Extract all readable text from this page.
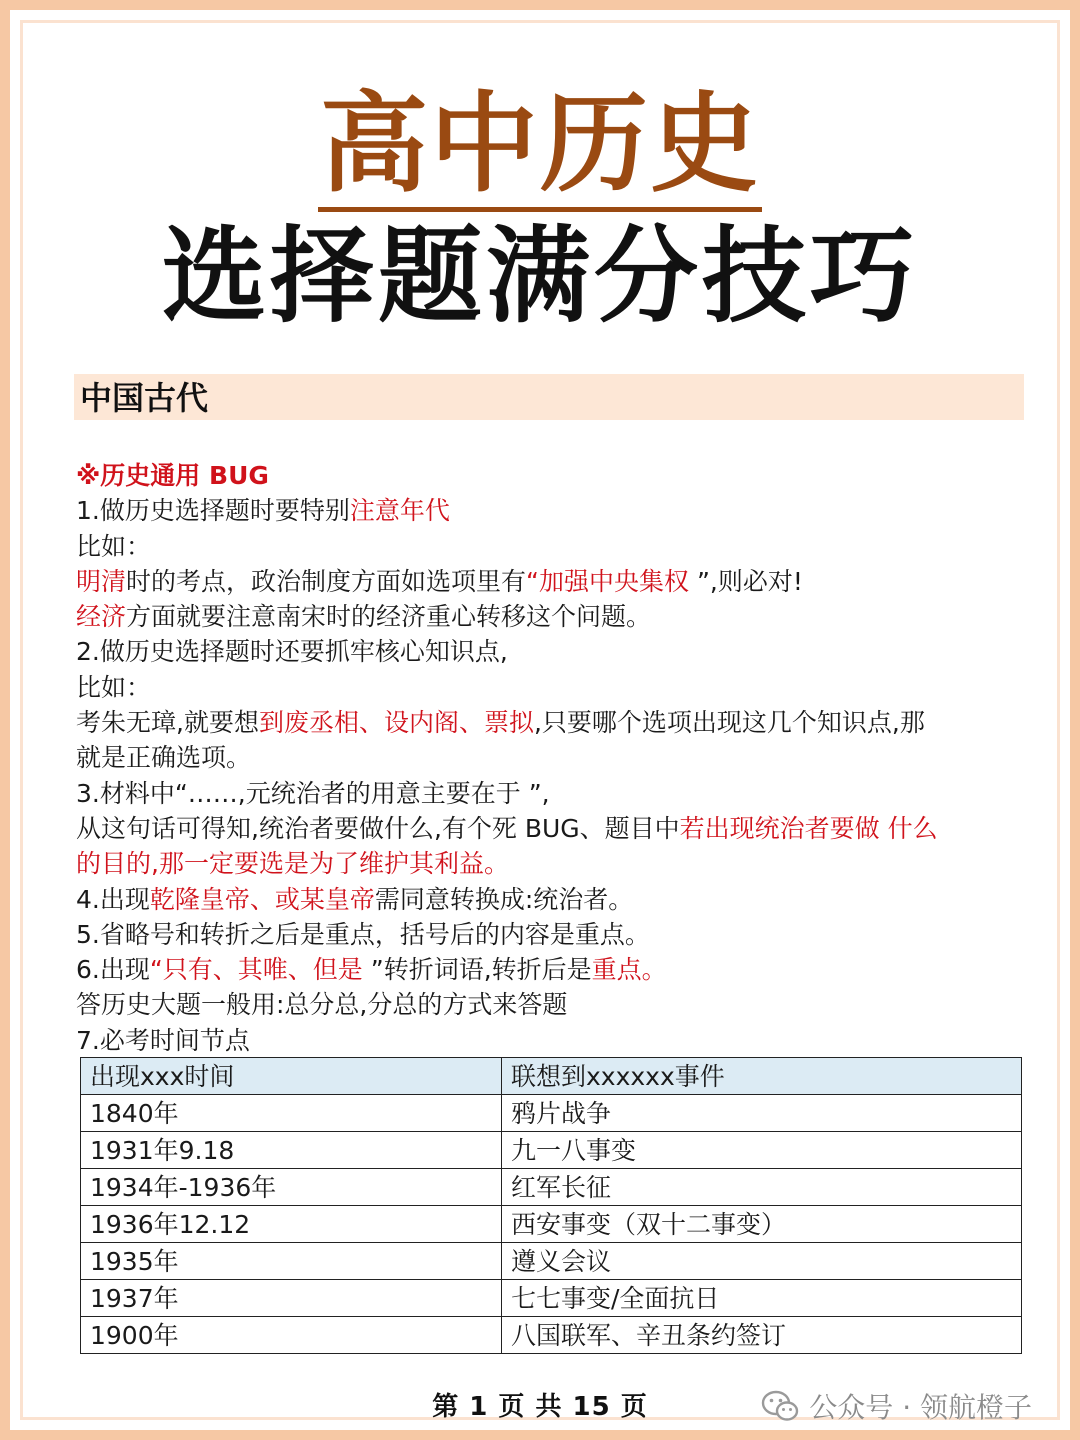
高中历史
选择题满分技巧
中国古代
※历史通用 BUG
1.做历史选择题时要特别注意年代
比如：
明清时的考点，政治制度方面如选项里有“加强中央集权 ”,则必对!
经济方面就要注意南宋时的经济重心转移这个问题。
2.做历史选择题时还要抓牢核心知识点,
比如：
考朱无璋,就要想到废丞相、设内阁、票拟,只要哪个选项出现这几个知识点,那
就是正确选项。
3.材料中“……,元统治者的用意主要在于 ”,
从这句话可得知,统治者要做什么,有个死 BUG、题目中若出现统治者要做 什么
的目的,那一定要选是为了维护其利益。
4.出现乾隆皇帝、或某皇帝需同意转换成:统治者。
5.省略号和转折之后是重点，括号后的内容是重点。
6.出现“只有、其唯、但是 ”转折词语,转折后是重点。
答历史大题一般用:总分总,分总的方式来答题
7.必考时间节点
出现xxx时间	联想到xxxxxx事件
1840年	鸦片战争
1931年9.18	九一八事变
1934年-1936年	红军长征
1936年12.12	西安事变（双十二事变）
1935年	遵义会议
1937年	七七事变/全面抗日
1900年	八国联军、辛丑条约签订
第 1 页 共 15 页	公众号 · 领航橙子
